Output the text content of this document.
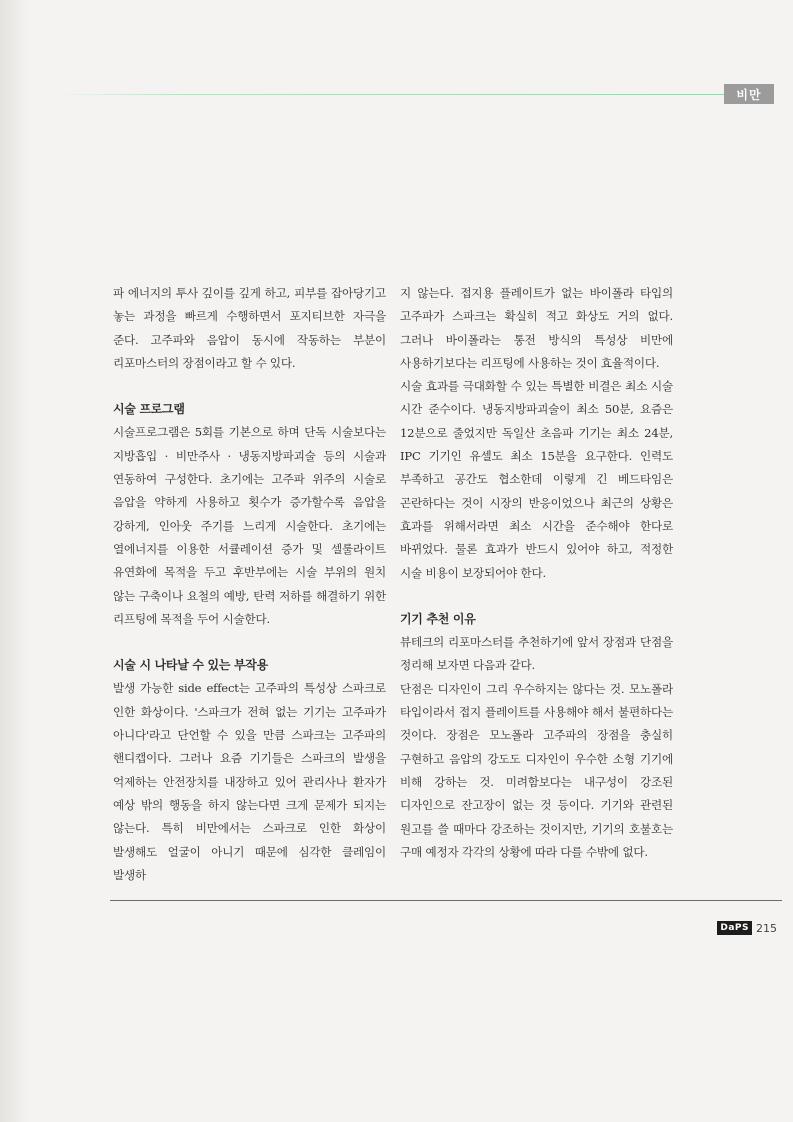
비만

파 에너지의 투사 깊이를 깊게 하고, 피부를 잡아당기고 놓는 과정을 빠르게 수행하면서 포지티브한 자극을 준다. 고주파와 음압이 동시에 작동하는 부분이 리포마스터의 장점이라고 할 수 있다.

시술 프로그램

시술프로그램은 5회를 기본으로 하며 단독 시술보다는 지방흡입 · 비만주사 · 냉동지방파괴술 등의 시술과 연동하여 구성한다. 초기에는 고주파 위주의 시술로 음압을 약하게 사용하고 횟수가 증가할수록 음압을 강하게, 인아웃 주기를 느리게 시술한다. 초기에는 열에너지를 이용한 서큘레이션 증가 및 셀룰라이트 유연화에 목적을 두고 후반부에는 시술 부위의 원치 않는 구축이나 요철의 예방, 탄력 저하를 해결하기 위한 리프팅에 목적을 두어 시술한다.

시술 시 나타날 수 있는 부작용

발생 가능한 side effect는 고주파의 특성상 스파크로 인한 화상이다. '스파크가 전혀 없는 기기는 고주파가 아니다'라고 단언할 수 있을 만큼 스파크는 고주파의 핸디캡이다. 그러나 요즘 기기들은 스파크의 발생을 억제하는 안전장치를 내장하고 있어 관리사나 환자가 예상 밖의 행동을 하지 않는다면 크게 문제가 되지는 않는다. 특히 비만에서는 스파크로 인한 화상이 발생해도 얼굴이 아니기 때문에 심각한 클레임이 발생하

지 않는다. 접지용 플레이트가 없는 바이폴라 타입의 고주파가 스파크는 확실히 적고 화상도 거의 없다. 그러나 바이폴라는 통전 방식의 특성상 비만에 사용하기보다는 리프팅에 사용하는 것이 효율적이다.

시술 효과를 극대화할 수 있는 특별한 비결은 최소 시술 시간 준수이다. 냉동지방파괴술이 최소 50분, 요즘은 12분으로 줄었지만 독일산 초음파 기기는 최소 24분, IPC 기기인 유셀도 최소 15분을 요구한다. 인력도 부족하고 공간도 협소한데 이렇게 긴 베드타임은 곤란하다는 것이 시장의 반응이었으나 최근의 상황은 효과를 위해서라면 최소 시간을 준수해야 한다로 바뀌었다. 물론 효과가 반드시 있어야 하고, 적정한 시술 비용이 보장되어야 한다.

기기 추천 이유

뷰테크의 리포마스터를 추천하기에 앞서 장점과 단점을 정리해 보자면 다음과 같다.

단점은 디자인이 그리 우수하지는 않다는 것. 모노폴라 타입이라서 접지 플레이트를 사용해야 해서 불편하다는 것이다. 장점은 모노폴라 고주파의 장점을 충실히 구현하고 음압의 강도도 디자인이 우수한 소형 기기에 비해 강하는 것. 미려함보다는 내구성이 강조된 디자인으로 잔고장이 없는 것 등이다. 기기와 관련된 원고를 쓸 때마다 강조하는 것이지만, 기기의 호불호는 구매 예정자 각각의 상황에 따라 다를 수밖에 없다.

DaPS 215
